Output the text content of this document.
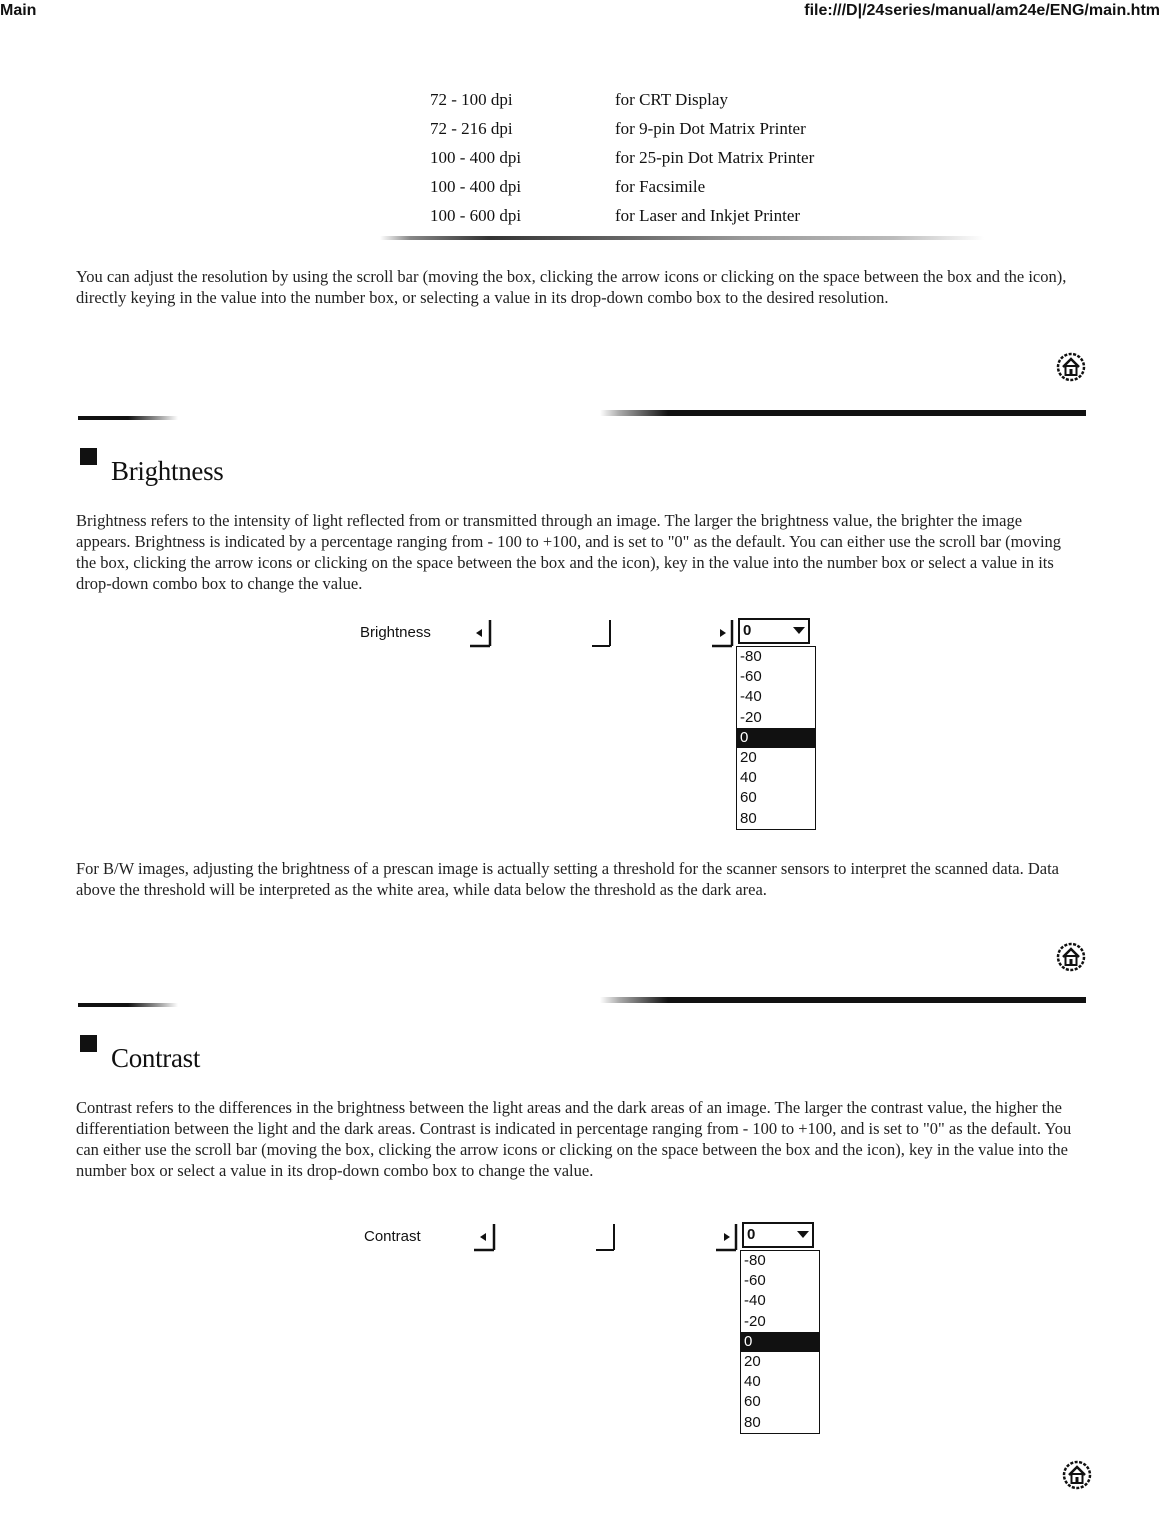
Main	file:///D|/24series/manual/am24e/ENG/main.htm
72 - 100 dpi	for CRT Display
72 - 216 dpi	for 9-pin Dot Matrix Printer
100 - 400 dpi	for 25-pin Dot Matrix Printer
100 - 400 dpi	for Facsimile
100 - 600 dpi	for Laser and Inkjet Printer

You can adjust the resolution by using the scroll bar (moving the box, clicking the arrow icons or clicking on the space between the box and the icon), directly keying in the value into the number box, or selecting a value in its drop-down combo box to the desired resolution.

Brightness

Brightness refers to the intensity of light reflected from or transmitted through an image. The larger the brightness value, the brighter the image appears. Brightness is indicated by a percentage ranging from - 100 to +100, and is set to "0" as the default. You can either use the scroll bar (moving the box, clicking the arrow icons or clicking on the space between the box and the icon), key in the value into the number box or select a value in its drop-down combo box to change the value.

Brightness	0
-80
-60
-40
-20
0
20
40
60
80

For B/W images, adjusting the brightness of a prescan image is actually setting a threshold for the scanner sensors to interpret the scanned data. Data above the threshold will be interpreted as the white area, while data below the threshold as the dark area.

Contrast

Contrast refers to the differences in the brightness between the light areas and the dark areas of an image. The larger the contrast value, the higher the differentiation between the light and the dark areas. Contrast is indicated in percentage ranging from - 100 to +100, and is set to "0" as the default. You can either use the scroll bar (moving the box, clicking the arrow icons or clicking on the space between the box and the icon), key in the value into the number box or select a value in its drop-down combo box to change the value.

Contrast	0
-80
-60
-40
-20
0
20
40
60
80
